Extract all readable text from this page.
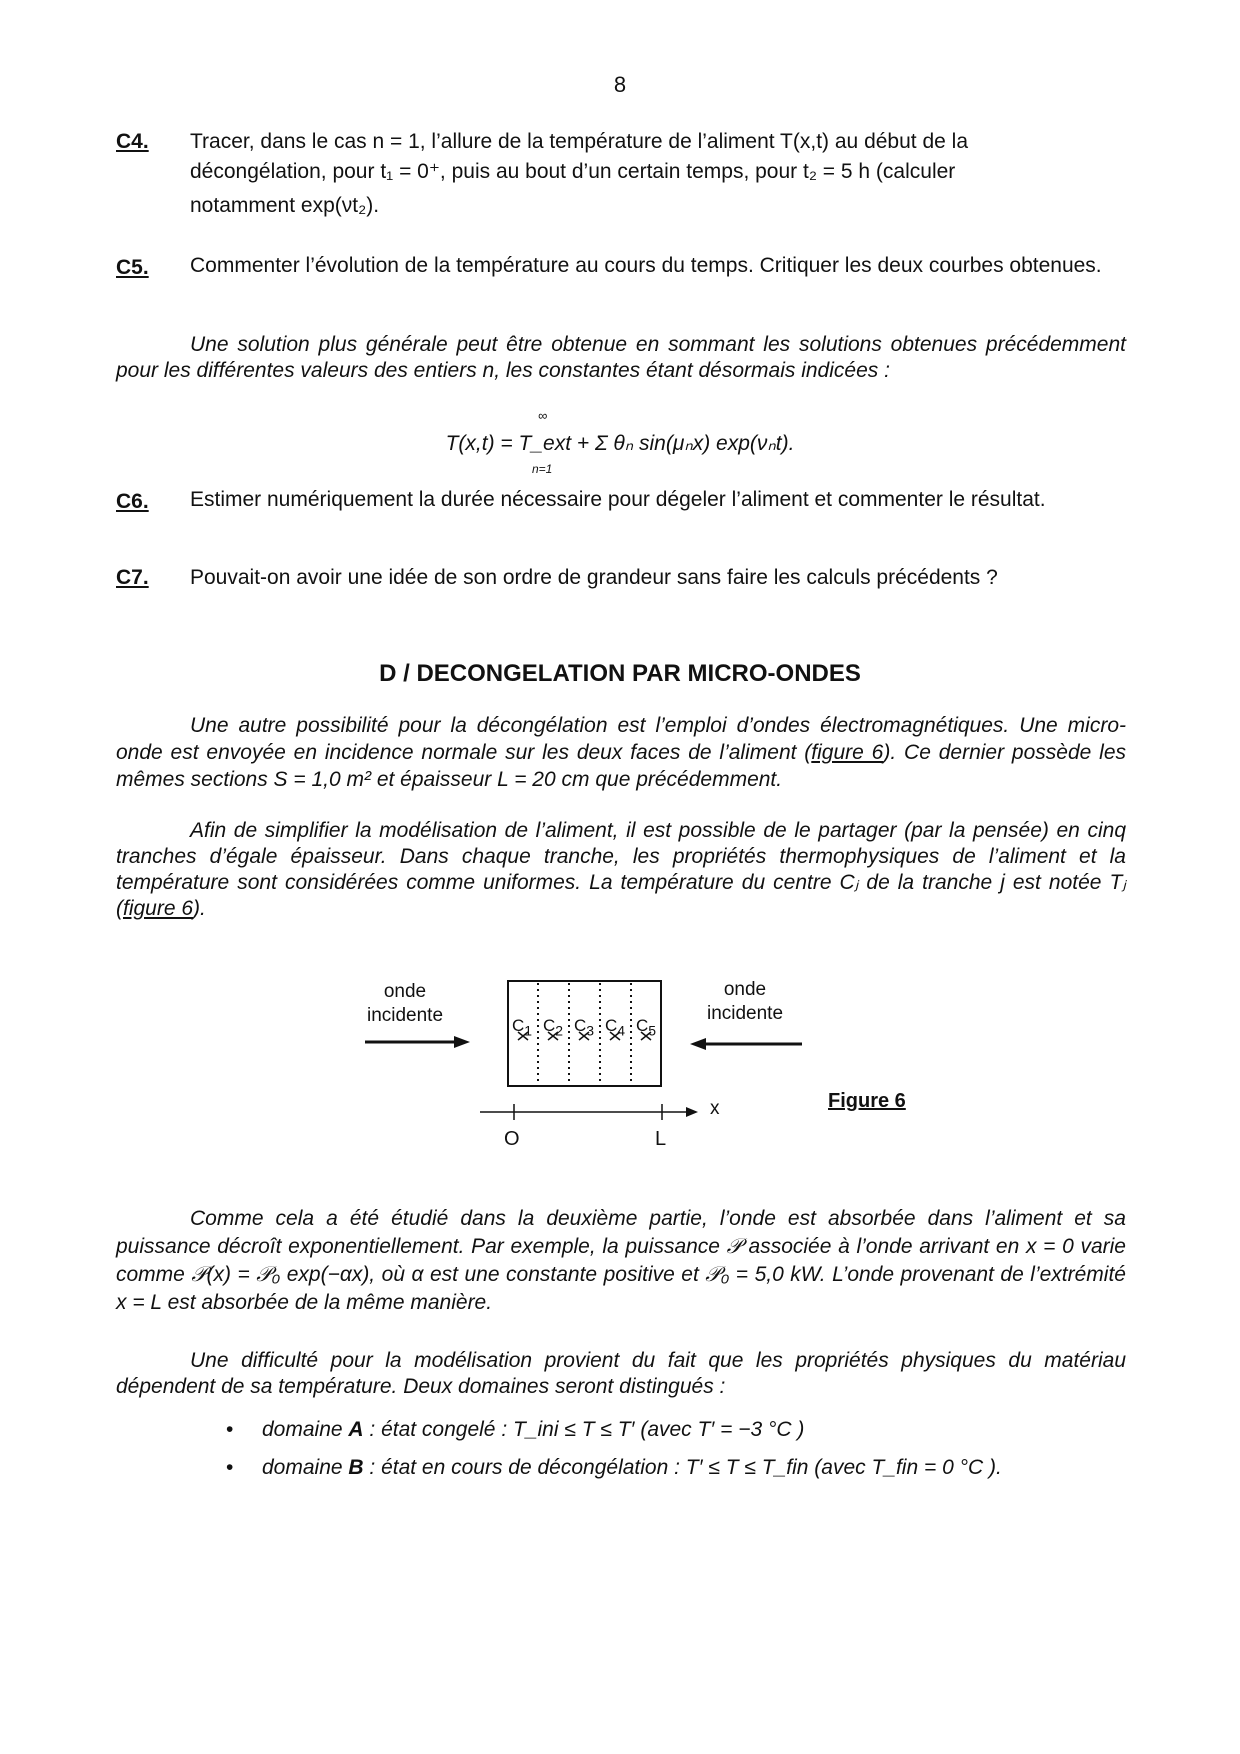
8
C4. Tracer, dans le cas n = 1, l’allure de la température de l’aliment T(x,t) au début de la
décongélation, pour t₁ = 0⁺, puis au bout d’un certain temps, pour t₂ = 5 h (calculer
notamment exp(νt₂).
C5. Commenter l’évolution de la température au cours du temps. Critiquer les deux courbes obtenues.
Une solution plus générale peut être obtenue en sommant les solutions obtenues précédemment pour les différentes valeurs des entiers n, les constantes étant désormais indicées :
∞
T(x,t) = T_ext + Σ θₙ sin(μₙx) exp(νₙt).
n=1
C6. Estimer numériquement la durée nécessaire pour dégeler l’aliment et commenter le résultat.
C7. Pouvait-on avoir une idée de son ordre de grandeur sans faire les calculs précédents ?
D / DECONGELATION PAR MICRO-ONDES
Une autre possibilité pour la décongélation est l’emploi d’ondes électromagnétiques. Une micro-onde est envoyée en incidence normale sur les deux faces de l’aliment (figure 6). Ce dernier possède les mêmes sections S = 1,0 m² et épaisseur L = 20 cm que précédemment.
Afin de simplifier la modélisation de l’aliment, il est possible de le partager (par la pensée) en cinq tranches d’égale épaisseur. Dans chaque tranche, les propriétés thermophysiques de l’aliment et la température sont considérées comme uniformes. La température du centre Cⱼ de la tranche j est notée Tⱼ (figure 6).
onde
incidente
onde
incidente
$C_1$ $C_2$ $C_3$ $C_4$ $C_5$
O	L
x	Figure 6
Comme cela a été étudié dans la deuxième partie, l’onde est absorbée dans l’aliment et sa puissance décroît exponentiellement. Par exemple, la puissance 𝒫 associée à l’onde arrivant en x = 0 varie comme 𝒫(x) = 𝒫₀ exp(−αx), où α est une constante positive et 𝒫₀ = 5,0 kW. L’onde provenant de l’extrémité x = L est absorbée de la même manière.
Une difficulté pour la modélisation provient du fait que les propriétés physiques du matériau dépendent de sa température. Deux domaines seront distingués :
• domaine A : état congelé : T_ini ≤ T ≤ T′ (avec T′ = −3 °C )
• domaine B : état en cours de décongélation : T′ ≤ T ≤ T_fin (avec T_fin = 0 °C ).
